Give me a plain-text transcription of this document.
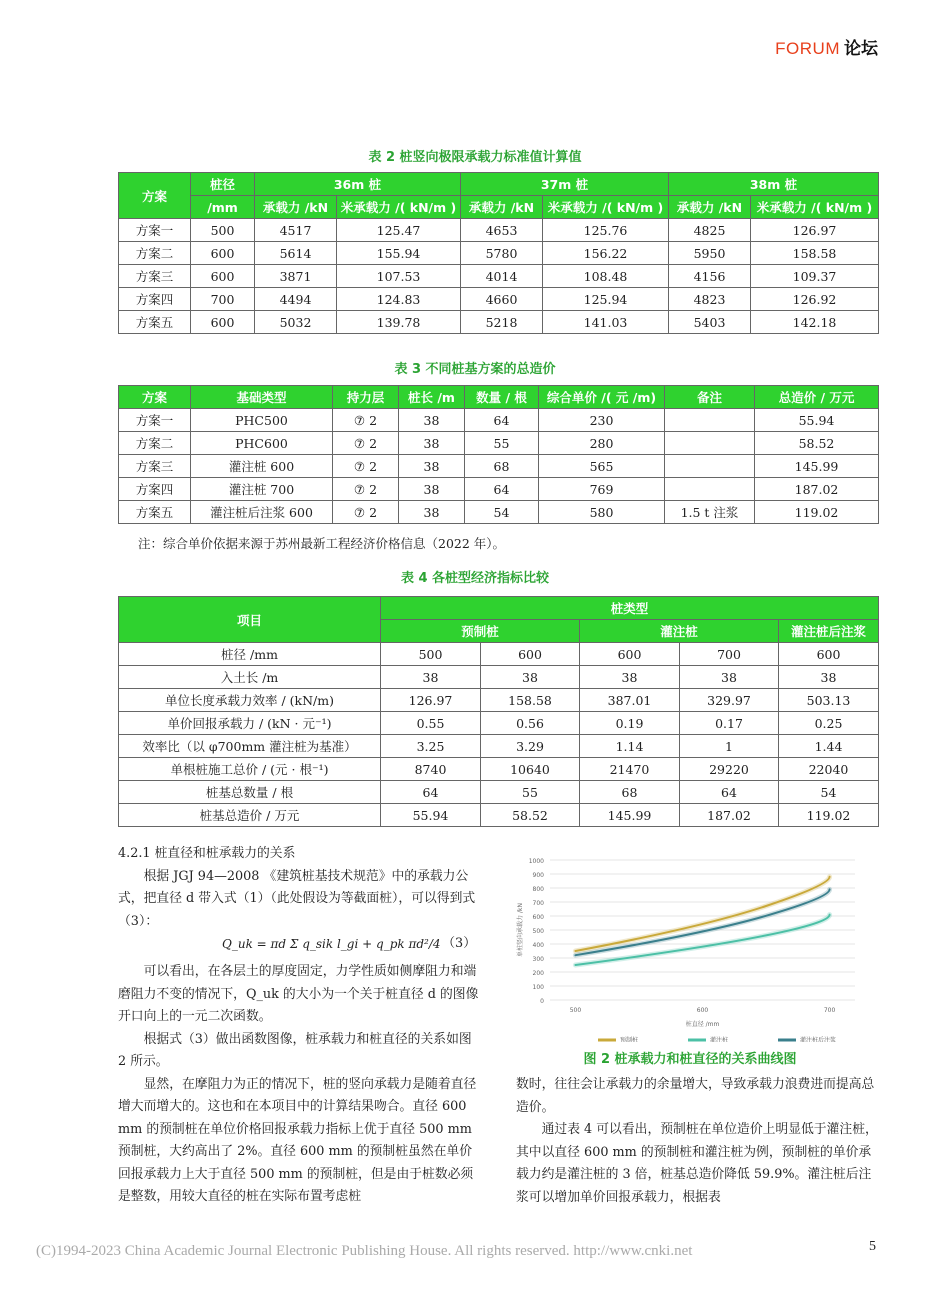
FORUM 论坛
表 2 桩竖向极限承载力标准值计算值
方案	桩径	36m 桩		37m 桩		38m 桩	
	/mm	承载力 /kN	米承载力 /( kN/m )	承载力 /kN	米承载力 /( kN/m )	承载力 /kN	米承载力 /( kN/m )
方案一	500	4517	125.47	4653	125.76	4825	126.97
方案二	600	5614	155.94	5780	156.22	5950	158.58
方案三	600	3871	107.53	4014	108.48	4156	109.37
方案四	700	4494	124.83	4660	125.94	4823	126.92
方案五	600	5032	139.78	5218	141.03	5403	142.18
表 3 不同桩基方案的总造价
方案	基础类型	持力层	桩长 /m	数量 / 根	综合单价 /( 元 /m)	备注	总造价 / 万元
方案一	PHC500	⑦ 2	38	64	230		55.94
方案二	PHC600	⑦ 2	38	55	280		58.52
方案三	灌注桩 600	⑦ 2	38	68	565		145.99
方案四	灌注桩 700	⑦ 2	38	64	769		187.02
方案五	灌注桩后注浆 600	⑦ 2	38	54	580	1.5 t 注浆	119.02
注：综合单价依据来源于苏州最新工程经济价格信息（2022 年）。
表 4 各桩型经济指标比较
项目	桩类型				
	预制桩		灌注桩		灌注桩后注浆
桩径 /mm	500	600	600	700	600
入土长 /m	38	38	38	38	38
单位长度承载力效率 / (kN/m)	126.97	158.58	387.01	329.97	503.13
单价回报承载力 / (kN · 元⁻¹)	0.55	0.56	0.19	0.17	0.25
效率比（以 φ700mm 灌注桩为基准）	3.25	3.29	1.14	1	1.44
单根桩施工总价 / (元 · 根⁻¹)	8740	10640	21470	29220	22040
桩基总数量 / 根	64	55	68	64	54
桩基总造价 / 万元	55.94	58.52	145.99	187.02	119.02

4.2.1 桩直径和桩承载力的关系

根据 JGJ 94—2008 《建筑桩基技术规范》中的承载力公式，把直径 d 带入式（1）（此处假设为等截面桩），可以得到式（3）：

Q_uk = πd Σ q_sik l_gi + q_pk πd²/4 （3）

可以看出，在各层土的厚度固定，力学性质如侧摩阻力和端磨阻力不变的情况下，Q_uk 的大小为一个关于桩直径 d 的图像开口向上的一元二次函数。

根据式（3）做出函数图像，桩承载力和桩直径的关系如图 2 所示。

显然，在摩阻力为正的情况下，桩的竖向承载力是随着直径增大而增大的。这也和在本项目中的计算结果吻合。直径 600 mm 的预制桩在单位价格回报承载力指标上优于直径 500 mm 预制桩，大约高出了 2%。直径 600 mm 的预制桩虽然在单价回报承载力上大于直径 500 mm 的预制桩，但是由于桩数必须是整数，用较大直径的桩在实际布置考虑桩

0
100
200
300
400
500
600
700
800
900
1000
500	600	700
桩直径 /mm
单桩竖向承载力 /kN
预制桩	灌注桩	灌注桩后注浆
图 2 桩承载力和桩直径的关系曲线图

数时，往往会让承载力的余量增大，导致承载力浪费进而提高总造价。

通过表 4 可以看出，预制桩在单位造价上明显低于灌注桩，其中以直径 600 mm 的预制桩和灌注桩为例，预制桩的单价承载力约是灌注桩的 3 倍，桩基总造价降低 59.9%。灌注桩后注浆可以增加单价回报承载力，根据表

(C)1994-2023 China Academic Journal Electronic Publishing House. All rights reserved. http://www.cnki.net	5
